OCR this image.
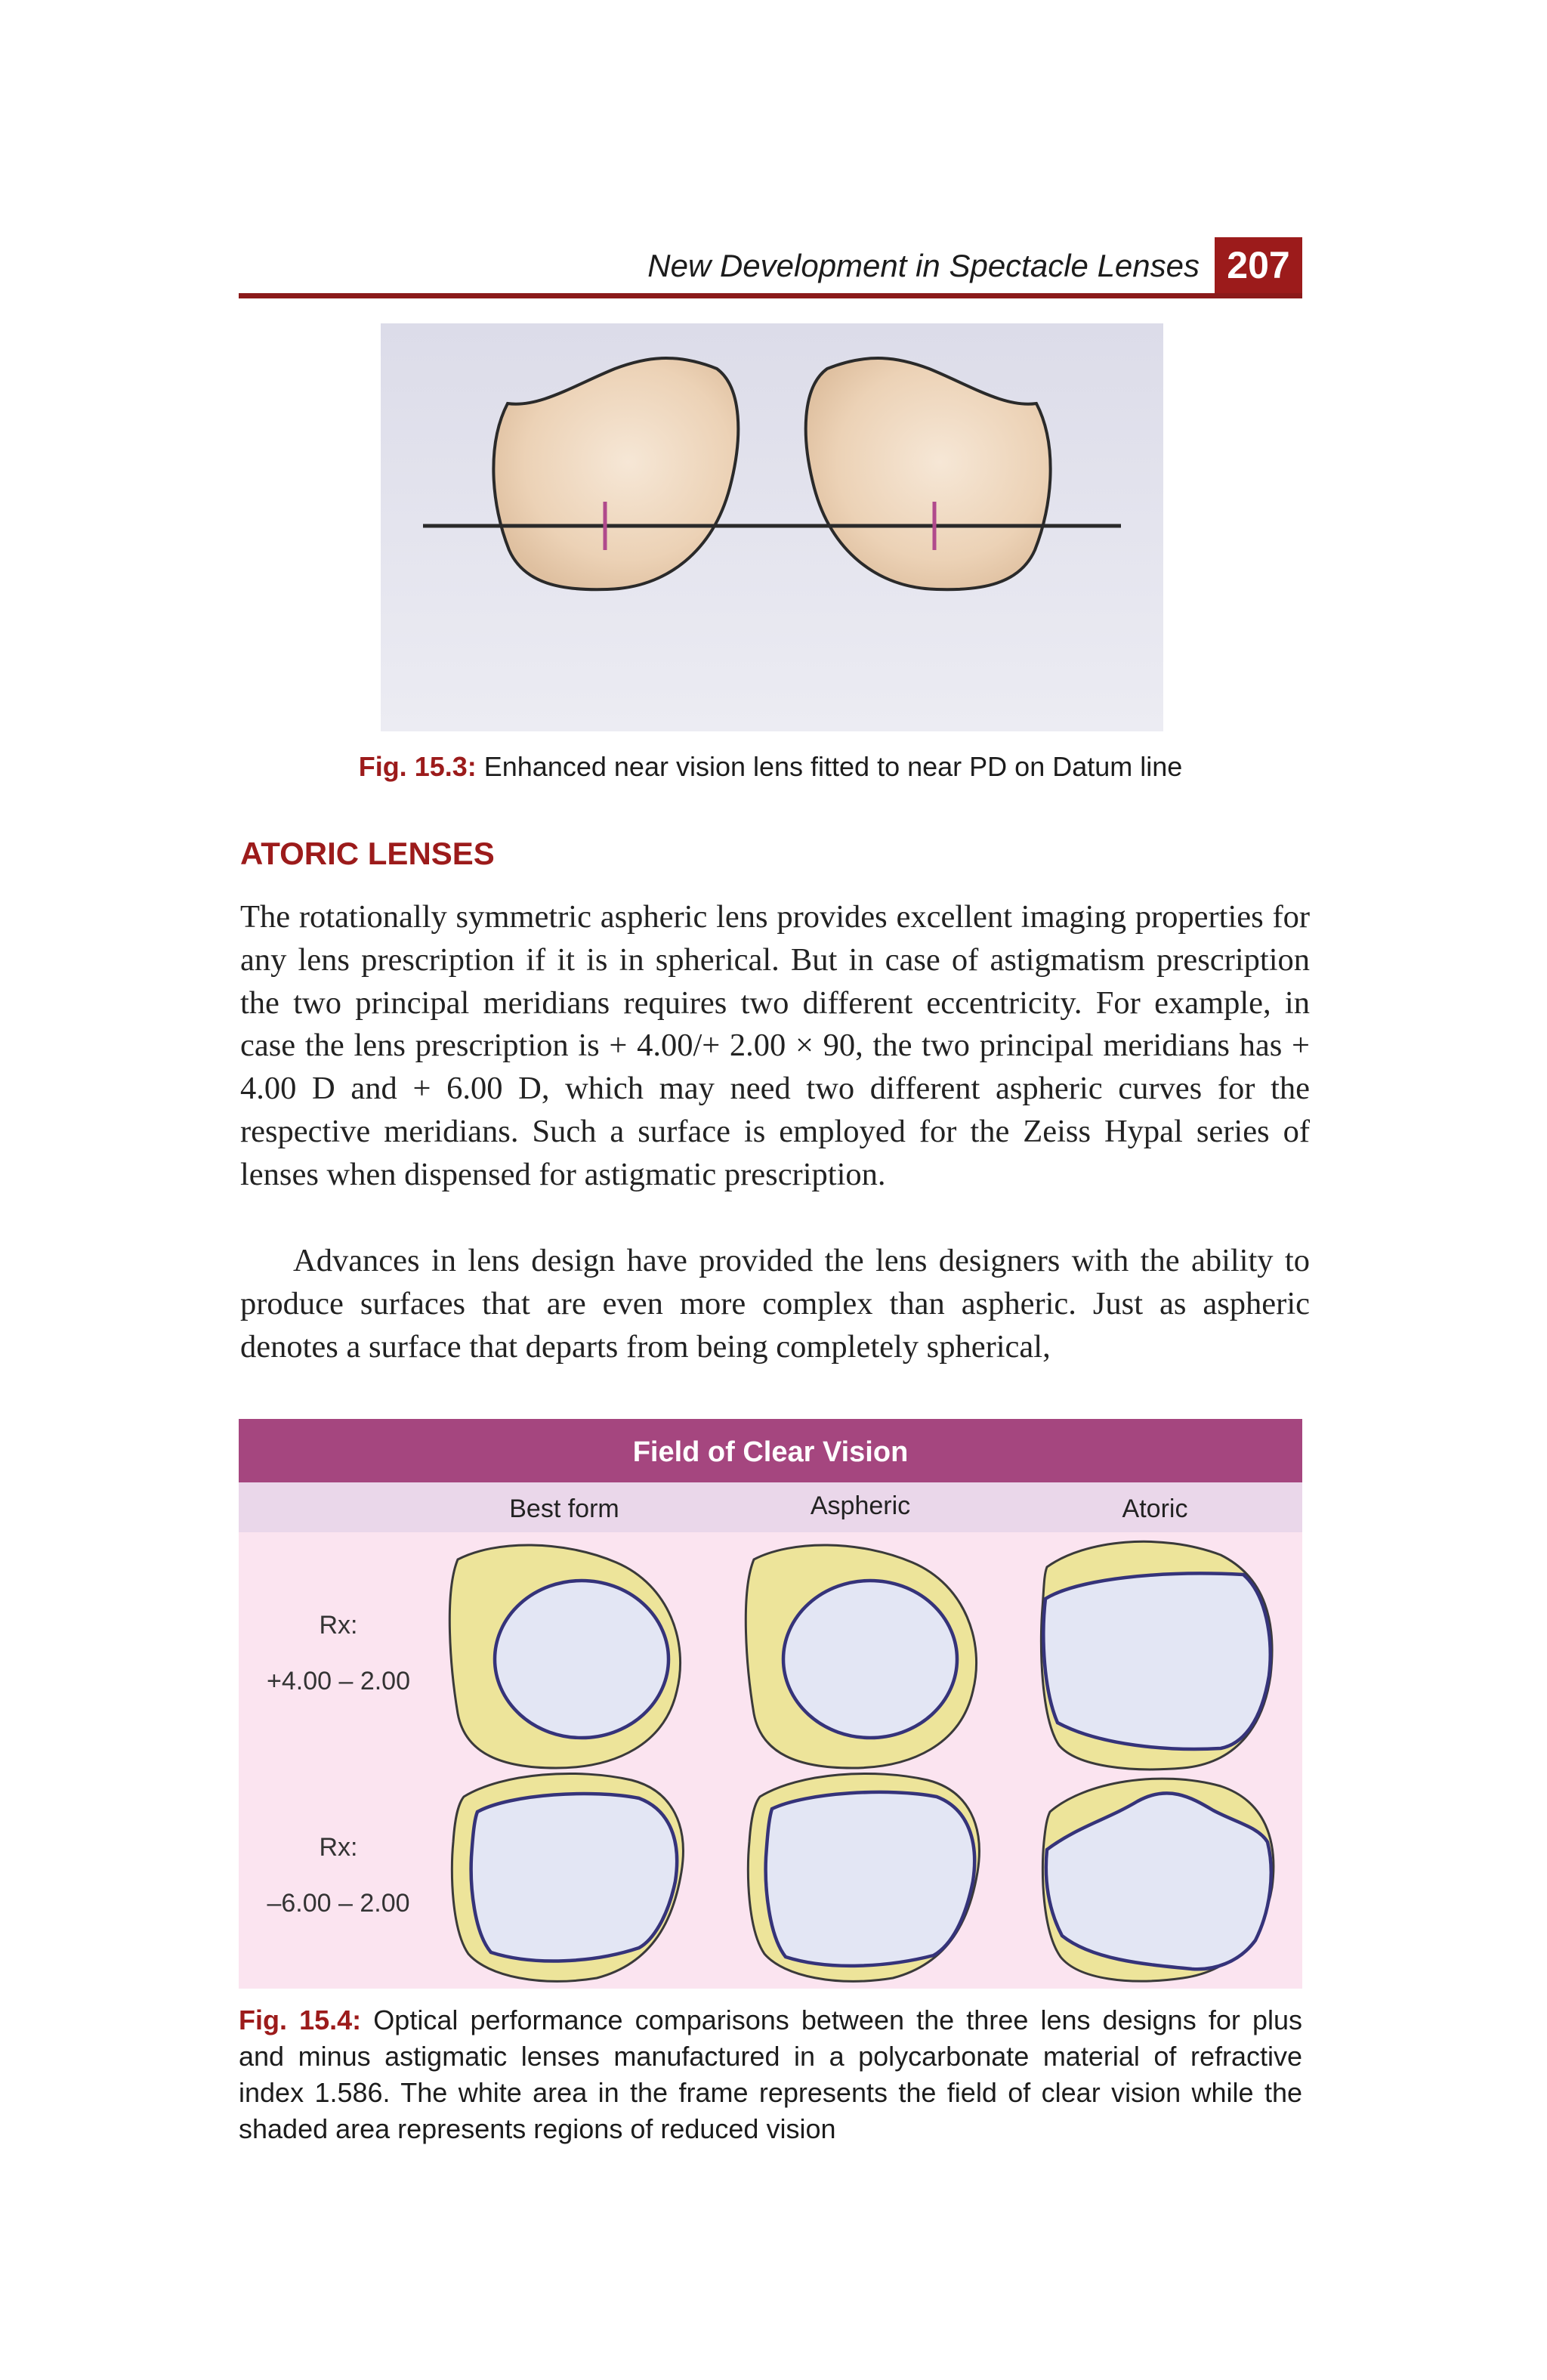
New Development in Spectacle Lenses 207
Fig. 15.3: Enhanced near vision lens fitted to near PD on Datum line
ATORIC LENSES
The rotationally symmetric aspheric lens provides excellent imaging properties for any lens prescription if it is in spherical. But in case of astigmatism prescription the two principal meridians requires two different eccentricity. For example, in case the lens prescription is + 4.00/+ 2.00 × 90, the two principal meridians has + 4.00 D and + 6.00 D, which may need two different aspheric curves for the respective meridians. Such a surface is employed for the Zeiss Hypal series of lenses when dispensed for astigmatic prescription.
Advances in lens design have provided the lens designers with the ability to produce surfaces that are even more complex than aspheric. Just as aspheric denotes a surface that departs from being completely spherical,
Field of Clear Vision
Best form	Aspheric	Atoric
Rx:
+4.00 – 2.00
Rx:
–6.00 – 2.00
Fig. 15.4: Optical performance comparisons between the three lens designs for plus and minus astigmatic lenses manufactured in a polycarbonate material of refractive index 1.586. The white area in the frame represents the field of clear vision while the shaded area represents regions of reduced vision
